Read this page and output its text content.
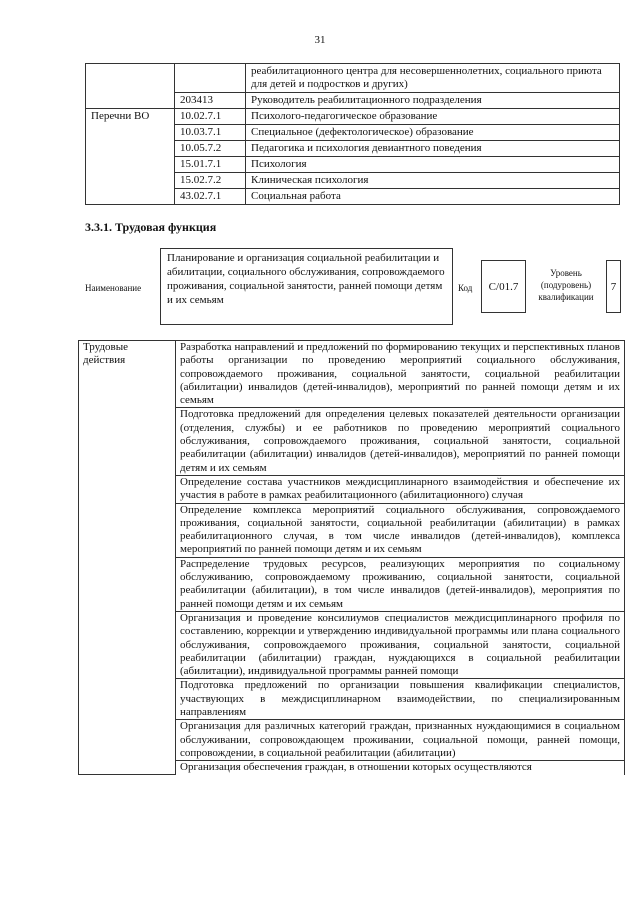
31
		реабилитационного центра для несовершеннолетних, социального приюта для детей и подростков и других)
	203413	Руководитель реабилитационного подразделения
Перечни ВО	10.02.7.1	Психолого-педагогическое образование
	10.03.7.1	Специальное (дефектологическое) образование
	10.05.7.2	Педагогика и психология девиантного поведения
	15.01.7.1	Психология
	15.02.7.2	Клиническая психология
	43.02.7.1	Социальная работа
3.3.1. Трудовая функция
Наименование
Планирование и организация социальной реабилитации и абилитации, социального обслуживания, сопровождаемого проживания, социальной занятости, ранней помощи детям и их семьям
Код	C/01.7
Уровень (подуровень) квалификации
7
Трудовые действия	Разработка направлений и предложений по формированию текущих и перспективных планов работы организации по проведению мероприятий социального обслуживания, сопровождаемого проживания, социальной занятости, социальной реабилитации (абилитации) инвалидов (детей-инвалидов), мероприятий по ранней помощи детям и их семьям
Подготовка предложений для определения целевых показателей деятельности организации (отделения, службы) и ее работников по проведению мероприятий социального обслуживания, сопровождаемого проживания, социальной занятости, социальной реабилитации (абилитации) инвалидов (детей-инвалидов), мероприятий по ранней помощи детям и их семьям
Определение состава участников междисциплинарного взаимодействия и обеспечение их участия в работе в рамках реабилитационного (абилитационного) случая
Определение комплекса мероприятий социального обслуживания, сопровождаемого проживания, социальной занятости, социальной реабилитации (абилитации) в рамках реабилитациoнного случая, в том числе инвалидов (детей-инвалидов), комплекса мероприятий по ранней помощи детям и их семьям
Распределение трудовых ресурсов, реализующих мероприятия по социальному обслуживанию, сопровождаемому проживанию, социальной занятости, социальной реабилитации (абилитации), в том числе инвалидов (детей-инвалидов), мероприятия по ранней помощи детям и их семьям
Организация и проведение консилиумов специалистов междисциплинарного профиля по составлению, коррекции и утверждению индивидуальной программы или плана социального обслуживания, сопровождаемого проживания, социальной занятости, социальной реабилитации (абилитации) граждан, нуждающихся в социальной реабилитации (абилитации), индивидуальной программы ранней помощи
Подготовка предложений по организации повышения квалификации специалистов, участвующих в междисциплинарном взаимодействии, по специализированным направлениям
Организация для различных категорий граждан, признанных нуждающимися в социальном обслуживании, сопровождающем проживании, социальной помощи, ранней помощи, сопровождении, в социальной реабилитации (абилитации)
Организация обеспечения граждан, в отношении которых осуществляются
